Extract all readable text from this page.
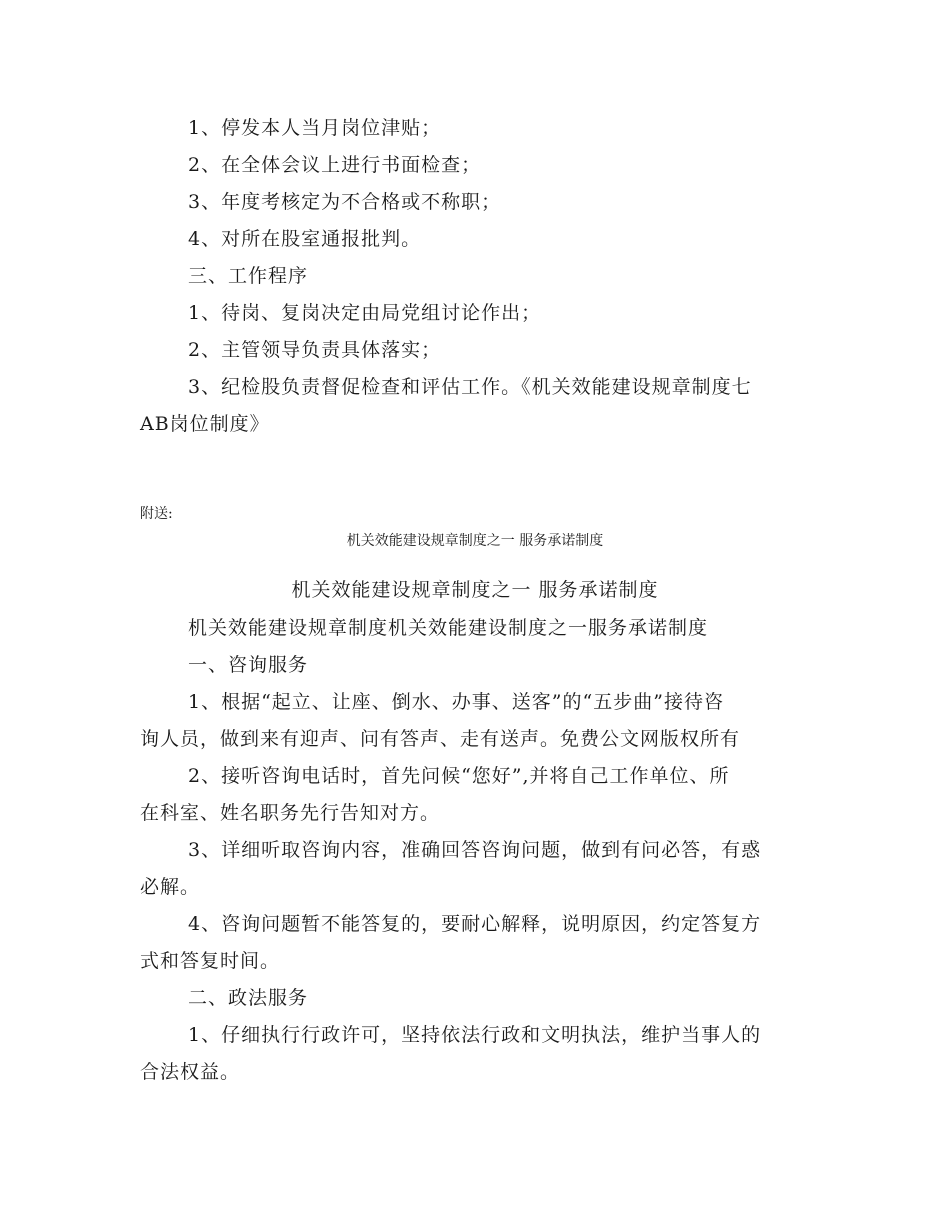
1、停发本人当月岗位津贴；
2、在全体会议上进行书面检查；
3、年度考核定为不合格或不称职；
4、对所在股室通报批判。
三、工作程序
1、待岗、复岗决定由局党组讨论作出；
2、主管领导负责具体落实；
3、纪检股负责督促检查和评估工作。《机关效能建设规章制度七
AB岗位制度》
附送:
机关效能建设规章制度之一 服务承诺制度
机关效能建设规章制度之一 服务承诺制度
机关效能建设规章制度机关效能建设制度之一服务承诺制度
一、咨询服务
1、根据“起立、让座、倒水、办事、送客”的“五步曲”接待咨
询人员，做到来有迎声、问有答声、走有送声。免费公文网版权所有
2、接听咨询电话时，首先问候“您好”,并将自己工作单位、所
在科室、姓名职务先行告知对方。
3、详细听取咨询内容，准确回答咨询问题，做到有问必答，有惑
必解。
4、咨询问题暂不能答复的，要耐心解释，说明原因，约定答复方
式和答复时间。
二、政法服务
1、仔细执行行政许可，坚持依法行政和文明执法，维护当事人的
合法权益。
